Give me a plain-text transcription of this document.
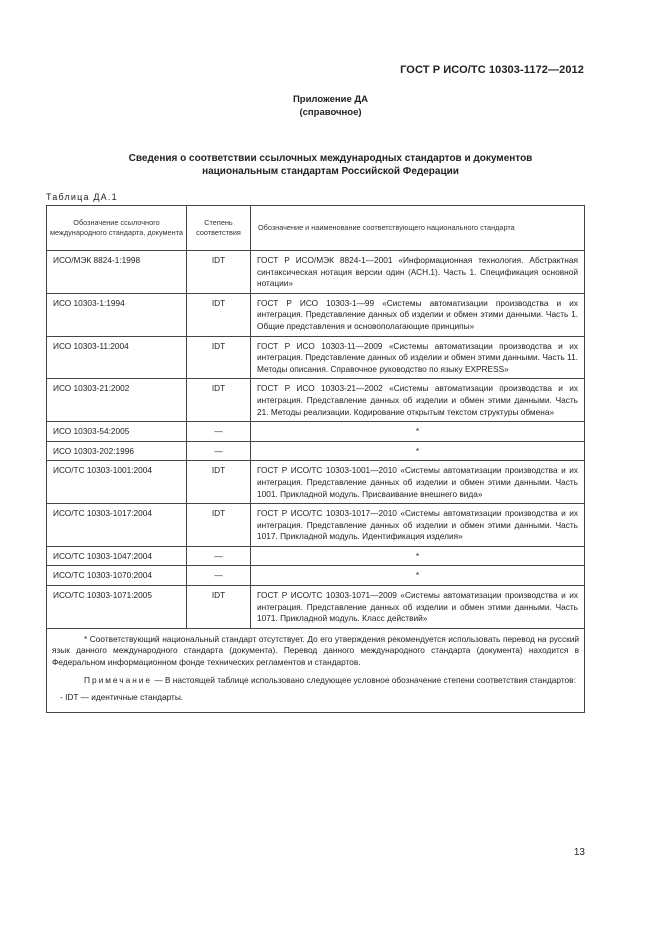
ГОСТ Р ИСО/ТС 10303-1172—2012
Приложение ДА
(справочное)
Сведения о соответствии ссылочных международных стандартов и документов
национальным стандартам Российской Федерации
Таблица ДА.1
Обозначение ссылочного международного стандарта, документа	Степень соответствия	Обозначение и наименование соответствующего национального стандарта
ИСО/МЭК 8824-1:1998	IDT	ГОСТ Р ИСО/МЭК 8824-1—2001 «Информационная технология. Абстрактная синтаксическая нотация версии один (АСН.1). Часть 1. Спецификация основной нотации»
ИСО 10303-1:1994	IDT	ГОСТ Р ИСО 10303-1—99 «Системы автоматизации производства и их интеграция. Представление данных об изделии и обмен этими данными. Часть 1. Общие представления и основополагающие принципы»
ИСО 10303-11:2004	IDT	ГОСТ Р ИСО 10303-11—2009 «Системы автоматизации производства и их интеграция. Представление данных об изделии и обмен этими данными. Часть 11. Методы описания. Справочное руководство по языку EXPRESS»
ИСО 10303-21:2002	IDT	ГОСТ Р ИСО 10303-21—2002 «Системы автоматизации производства и их интеграция. Представление данных об изделии и обмен этими данными. Часть 21. Методы реализации. Кодирование открытым текстом структуры обмена»
ИСО 10303-54:2005	—	*
ИСО 10303-202:1996	—	*
ИСО/ТС 10303-1001:2004	IDT	ГОСТ Р ИСО/ТС 10303-1001—2010 «Системы автоматизации производства и их интеграция. Представление данных об изделии и обмен этими данными. Часть 1001. Прикладной модуль. Присваивание внешнего вида»
ИСО/ТС 10303-1017:2004	IDT	ГОСТ Р ИСО/ТС 10303-1017—2010 «Системы автоматизации производства и их интеграция. Представление данных об изделии и обмен этими данными. Часть 1017. Прикладной модуль. Идентификация изделия»
ИСО/ТС 10303-1047:2004	—	*
ИСО/ТС 10303-1070:2004	—	*
ИСО/ТС 10303-1071:2005	IDT	ГОСТ Р ИСО/ТС 10303-1071—2009 «Системы автоматизации производства и их интеграция. Представление данных об изделии и обмен этими данными. Часть 1071. Прикладной модуль. Класс действий»

* Соответствующий национальный стандарт отсутствует. До его утверждения рекомендуется использовать перевод на русский язык данного международного стандарта (документа). Перевод данного международного стандарта (документа) находится в Федеральном информационном фонде технических регламентов и стандартов.

Примечание — В настоящей таблице использовано следующее условное обозначение степени соответствия стандартов:

- IDT — идентичные стандарты.		

13
